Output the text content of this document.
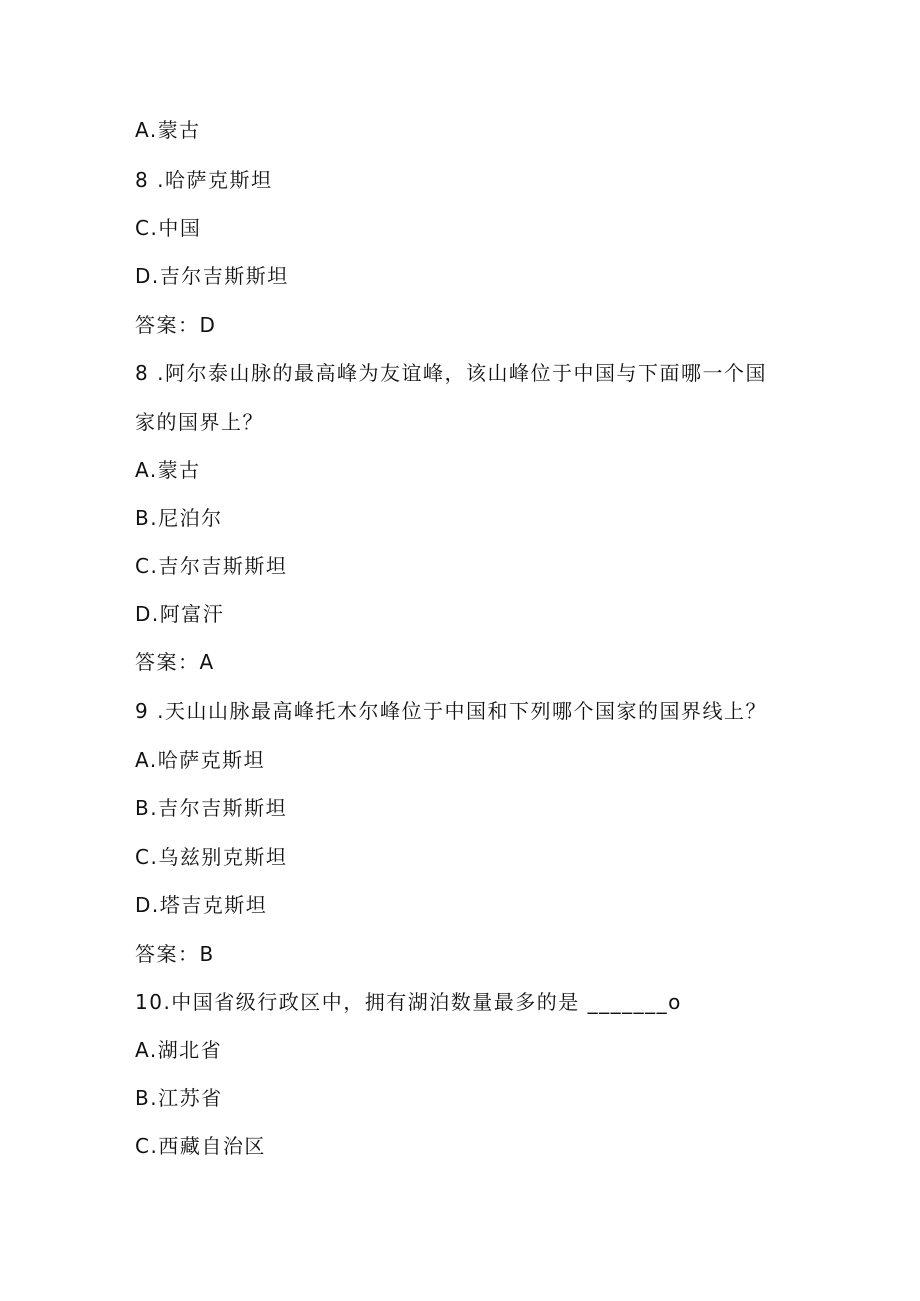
A.蒙古
8 .哈萨克斯坦
C.中国
D.吉尔吉斯斯坦
答案：D
8 .阿尔泰山脉的最高峰为友谊峰，该山峰位于中国与下面哪一个国
家的国界上？
A.蒙古
B.尼泊尔
C.吉尔吉斯斯坦
D.阿富汗
答案：A
9 .天山山脉最高峰托木尔峰位于中国和下列哪个国家的国界线上？
A.哈萨克斯坦
B.吉尔吉斯斯坦
C.乌兹别克斯坦
D.塔吉克斯坦
答案：B
10.中国省级行政区中，拥有湖泊数量最多的是 _______o
A.湖北省
B.江苏省
C.西藏自治区
